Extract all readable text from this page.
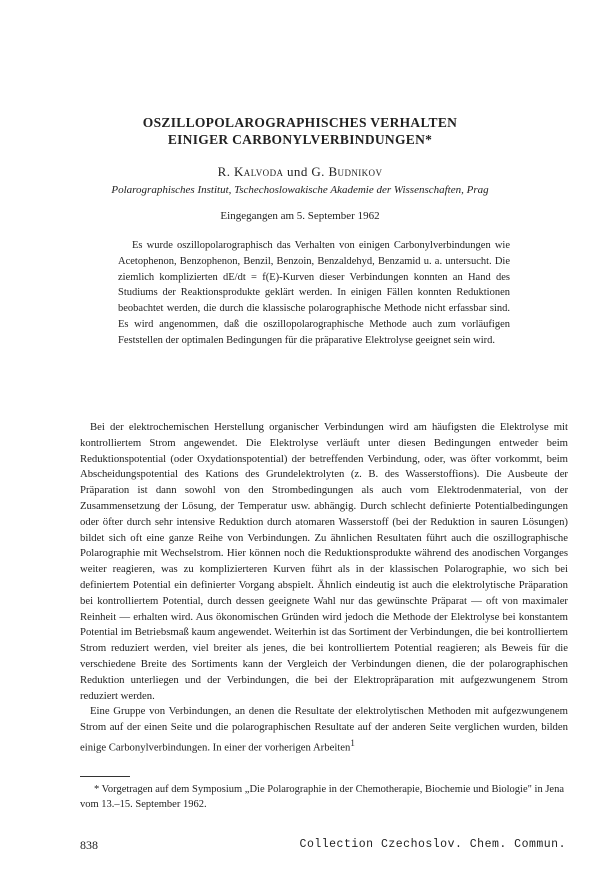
OSZILLOPOLAROGRAPHISCHES VERHALTEN
EINIGER CARBONYLVERBINDUNGEN*
R. Kalvoda und G. Budnikov
Polarographisches Institut, Tschechoslowakische Akademie der Wissenschaften, Prag
Eingegangen am 5. September 1962
Es wurde oszillopolarographisch das Verhalten von einigen Carbonylverbindungen wie Acetophenon, Benzophenon, Benzil, Benzoin, Benzaldehyd, Benzamid u. a. untersucht. Die ziemlich komplizierten dE/dt = f(E)-Kurven dieser Verbindungen konnten an Hand des Studiums der Reaktionsprodukte geklärt werden. In einigen Fällen konnten Reduktionen beobachtet werden, die durch die klassische polarographische Methode nicht erfassbar sind. Es wird angenommen, daß die oszillopolarographische Methode auch zum vorläufigen Feststellen der optimalen Bedingungen für die präparative Elektrolyse geeignet sein wird.

Bei der elektrochemischen Herstellung organischer Verbindungen wird am häufigsten die Elektrolyse mit kontrolliertem Strom angewendet. Die Elektrolyse verläuft unter diesen Bedingungen entweder beim Reduktionspotential (oder Oxydationspotential) der betreffenden Verbindung, oder, was öfter vorkommt, beim Abscheidungspotential des Kations des Grundelektrolyten (z. B. des Wasserstoffions). Die Ausbeute der Präparation ist dann sowohl von den Strombedingungen als auch vom Elektrodenmaterial, von der Zusammensetzung der Lösung, der Temperatur usw. abhängig. Durch schlecht definierte Potentialbedingungen oder öfter durch sehr intensive Reduktion durch atomaren Wasserstoff (bei der Reduktion in sauren Lösungen) bildet sich oft eine ganze Reihe von Verbindungen. Zu ähnlichen Resultaten führt auch die oszillographische Polarographie mit Wechselstrom. Hier können noch die Reduktionsprodukte während des anodischen Vorganges weiter reagieren, was zu komplizierteren Kurven führt als in der klassischen Polarographie, wo sich bei definiertem Potential ein definierter Vorgang abspielt. Ähnlich eindeutig ist auch die elektrolytische Präparation bei kontrolliertem Potential, durch dessen geeignete Wahl nur das gewünschte Präparat — oft von maximaler Reinheit — erhalten wird. Aus ökonomischen Gründen wird jedoch die Methode der Elektrolyse bei konstantem Potential im Betriebsmaß kaum angewendet. Weiterhin ist das Sortiment der Verbindungen, die bei kontrolliertem Strom reduziert werden, viel breiter als jenes, die bei kontrolliertem Potential reagieren; als Beweis für die verschiedene Breite des Sortiments kann der Vergleich der Verbindungen dienen, die der polarographischen Reduktion unterliegen und der Verbindungen, die bei der Elektropräparation mit aufgezwungenem Strom reduziert werden.

Eine Gruppe von Verbindungen, an denen die Resultate der elektrolytischen Methoden mit aufgezwungenem Strom auf der einen Seite und die polarographischen Resultate auf der anderen Seite verglichen wurden, bilden einige Carbonylverbindungen. In einer der vorherigen Arbeiten$^1$

* Vorgetragen auf dem Symposium „Die Polarographie in der Chemotherapie, Biochemie und Biologie" in Jena vom 13.–15. September 1962.
838	Collection Czechoslov. Chem. Commun.
